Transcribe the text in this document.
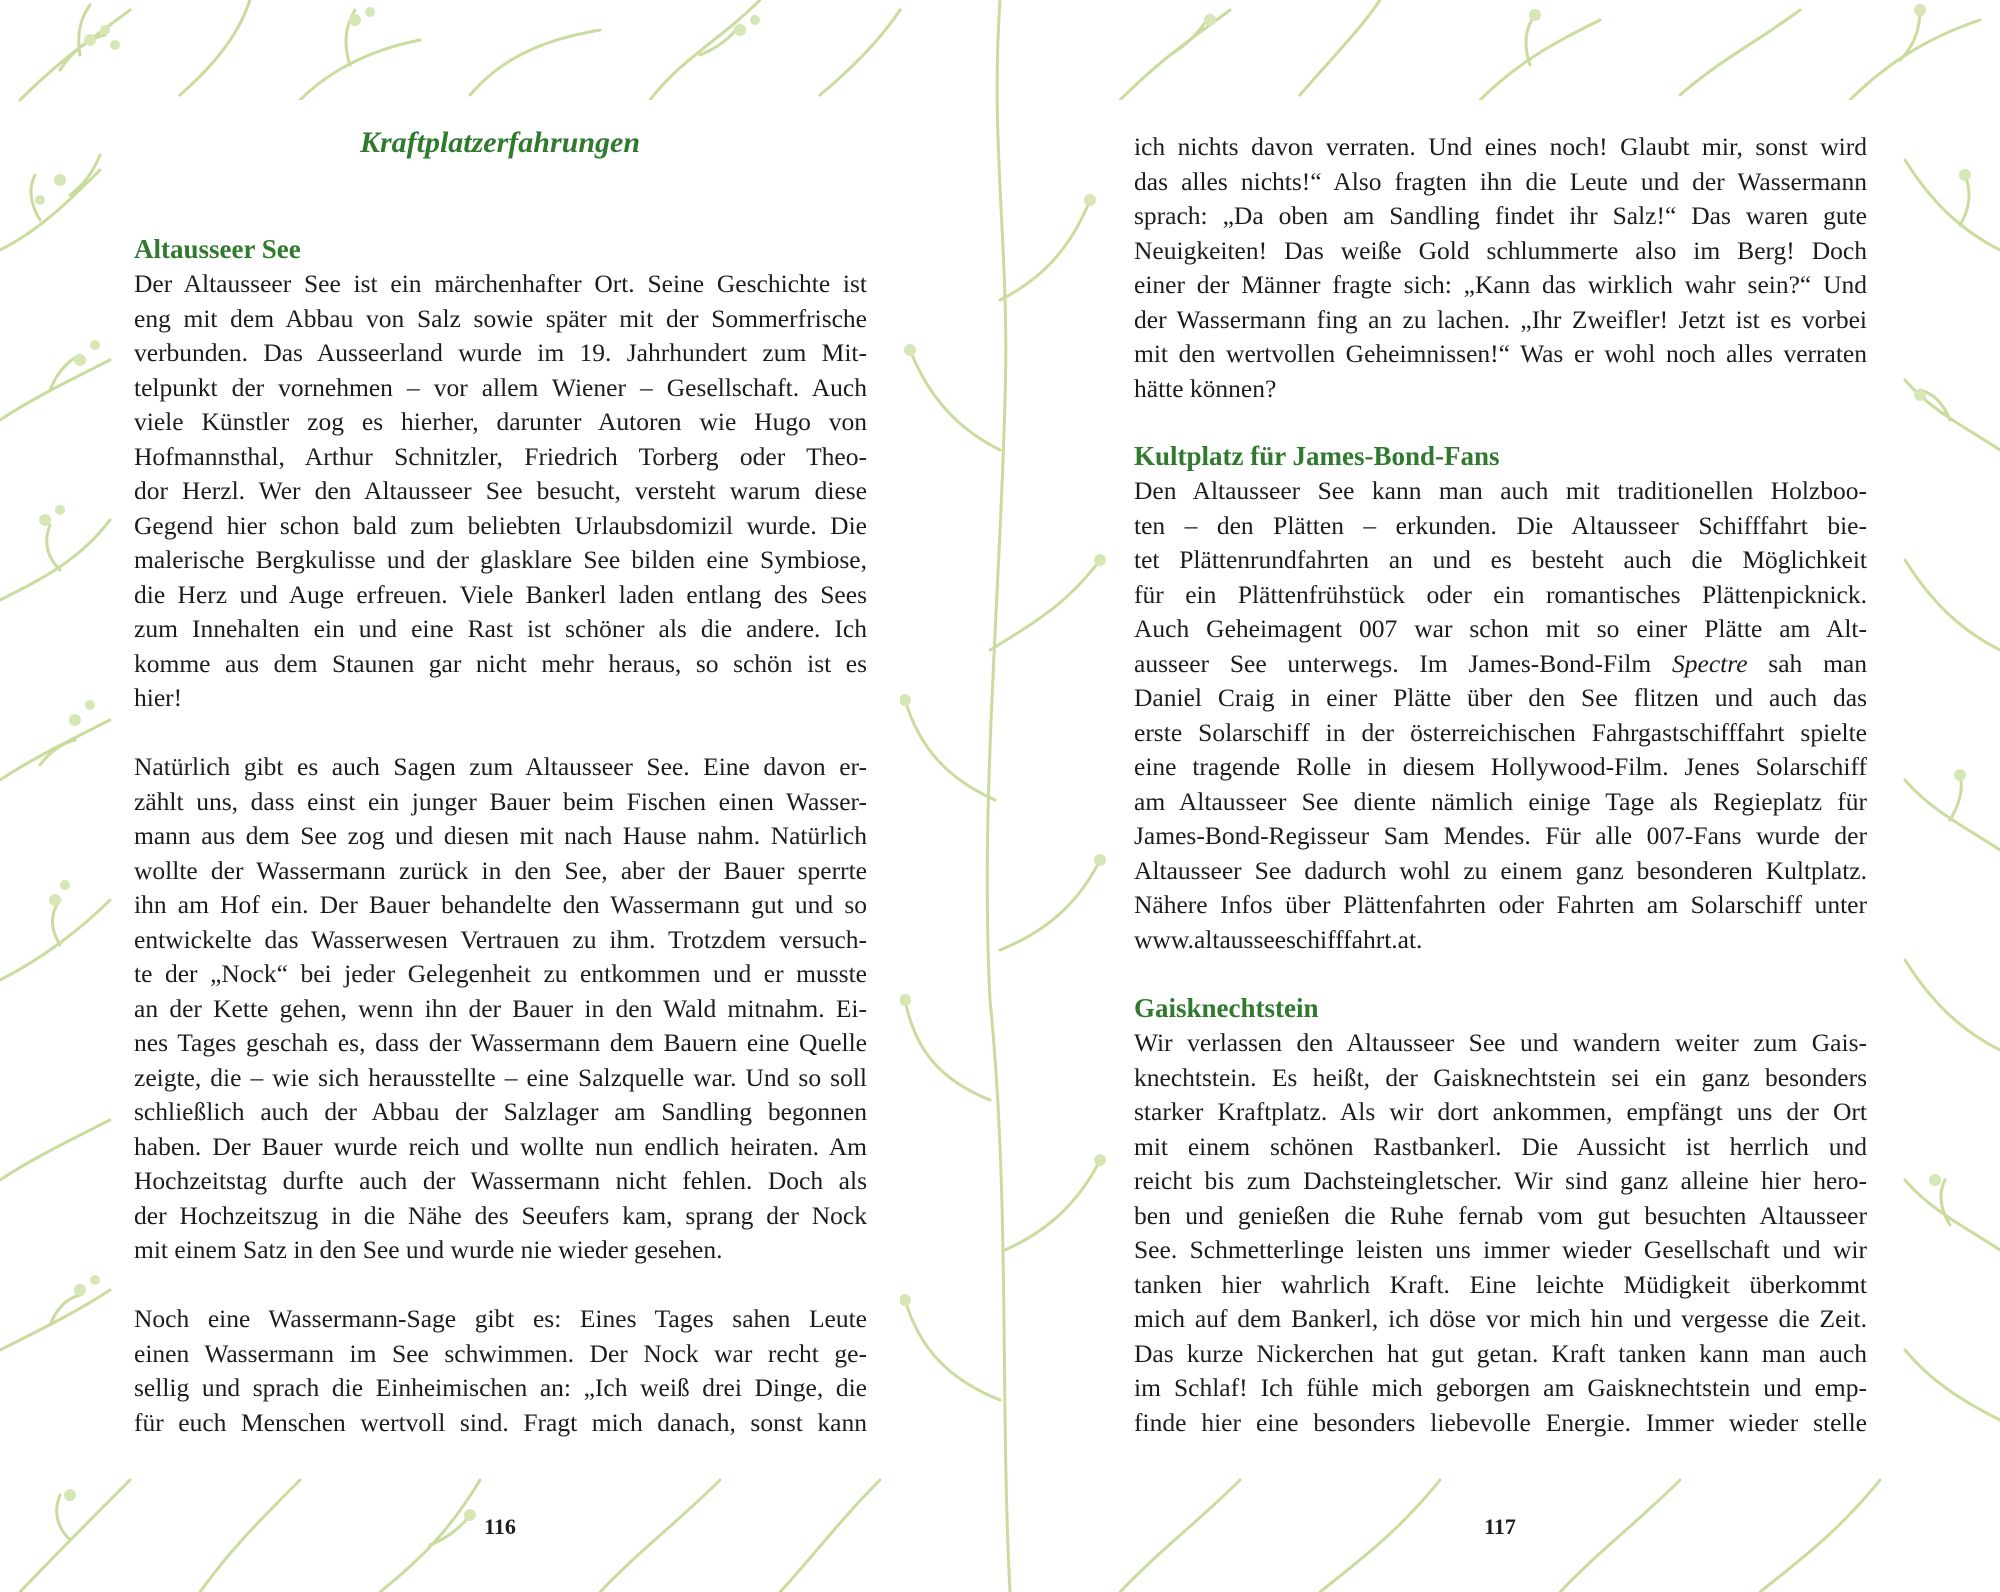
Kraftplatzerfahrungen
Altausseer See
Der Altausseer See ist ein märchenhafter Ort. Seine Geschichte ist
eng mit dem Abbau von Salz sowie später mit der Sommerfrische
verbunden. Das Ausseerland wurde im 19. Jahrhundert zum Mit-
telpunkt der vornehmen – vor allem Wiener – Gesellschaft. Auch
viele Künstler zog es hierher, darunter Autoren wie Hugo von
Hofmannsthal, Arthur Schnitzler, Friedrich Torberg oder Theo-
dor Herzl. Wer den Altausseer See besucht, versteht warum diese
Gegend hier schon bald zum beliebten Urlaubsdomizil wurde. Die
malerische Bergkulisse und der glasklare See bilden eine Symbiose,
die Herz und Auge erfreuen. Viele Bankerl laden entlang des Sees
zum Innehalten ein und eine Rast ist schöner als die andere. Ich
komme aus dem Staunen gar nicht mehr heraus, so schön ist es
hier!
Natürlich gibt es auch Sagen zum Altausseer See. Eine davon er-
zählt uns, dass einst ein junger Bauer beim Fischen einen Wasser-
mann aus dem See zog und diesen mit nach Hause nahm. Natürlich
wollte der Wassermann zurück in den See, aber der Bauer sperrte
ihn am Hof ein. Der Bauer behandelte den Wassermann gut und so
entwickelte das Wasserwesen Vertrauen zu ihm. Trotzdem versuch-
te der „Nock“ bei jeder Gelegenheit zu entkommen und er musste
an der Kette gehen, wenn ihn der Bauer in den Wald mitnahm. Ei-
nes Tages geschah es, dass der Wassermann dem Bauern eine Quelle
zeigte, die – wie sich herausstellte – eine Salzquelle war. Und so soll
schließlich auch der Abbau der Salzlager am Sandling begonnen
haben. Der Bauer wurde reich und wollte nun endlich heiraten. Am
Hochzeitstag durfte auch der Wassermann nicht fehlen. Doch als
der Hochzeitszug in die Nähe des Seeufers kam, sprang der Nock
mit einem Satz in den See und wurde nie wieder gesehen.
Noch eine Wassermann-Sage gibt es: Eines Tages sahen Leute
einen Wassermann im See schwimmen. Der Nock war recht ge-
sellig und sprach die Einheimischen an: „Ich weiß drei Dinge, die
für euch Menschen wertvoll sind. Fragt mich danach, sonst kann
116
ich nichts davon verraten. Und eines noch! Glaubt mir, sonst wird
das alles nichts!“ Also fragten ihn die Leute und der Wassermann
sprach: „Da oben am Sandling findet ihr Salz!“ Das waren gute
Neuigkeiten! Das weiße Gold schlummerte also im Berg! Doch
einer der Männer fragte sich: „Kann das wirklich wahr sein?“ Und
der Wassermann fing an zu lachen. „Ihr Zweifler! Jetzt ist es vorbei
mit den wertvollen Geheimnissen!“ Was er wohl noch alles verraten
hätte können?
Kultplatz für James-Bond-Fans
Den Altausseer See kann man auch mit traditionellen Holzboo-
ten – den Plätten – erkunden. Die Altausseer Schifffahrt bie-
tet Plättenrundfahrten an und es besteht auch die Möglichkeit
für ein Plättenfrühstück oder ein romantisches Plättenpicknick.
Auch Geheimagent 007 war schon mit so einer Plätte am Alt-
ausseer See unterwegs. Im James-Bond-Film Spectre sah man
Daniel Craig in einer Plätte über den See flitzen und auch das
erste Solarschiff in der österreichischen Fahrgastschifffahrt spielte
eine tragende Rolle in diesem Hollywood-Film. Jenes Solarschiff
am Altausseer See diente nämlich einige Tage als Regieplatz für
James-Bond-Regisseur Sam Mendes. Für alle 007-Fans wurde der
Altausseer See dadurch wohl zu einem ganz besonderen Kultplatz.
Nähere Infos über Plättenfahrten oder Fahrten am Solarschiff unter
www.altausseeschifffahrt.at.
Gaisknechtstein
Wir verlassen den Altausseer See und wandern weiter zum Gais-
knechtstein. Es heißt, der Gaisknechtstein sei ein ganz besonders
starker Kraftplatz. Als wir dort ankommen, empfängt uns der Ort
mit einem schönen Rastbankerl. Die Aussicht ist herrlich und
reicht bis zum Dachsteingletscher. Wir sind ganz alleine hier hero-
ben und genießen die Ruhe fernab vom gut besuchten Altausseer
See. Schmetterlinge leisten uns immer wieder Gesellschaft und wir
tanken hier wahrlich Kraft. Eine leichte Müdigkeit überkommt
mich auf dem Bankerl, ich döse vor mich hin und vergesse die Zeit.
Das kurze Nickerchen hat gut getan. Kraft tanken kann man auch
im Schlaf! Ich fühle mich geborgen am Gaisknechtstein und emp-
finde hier eine besonders liebevolle Energie. Immer wieder stelle
117
